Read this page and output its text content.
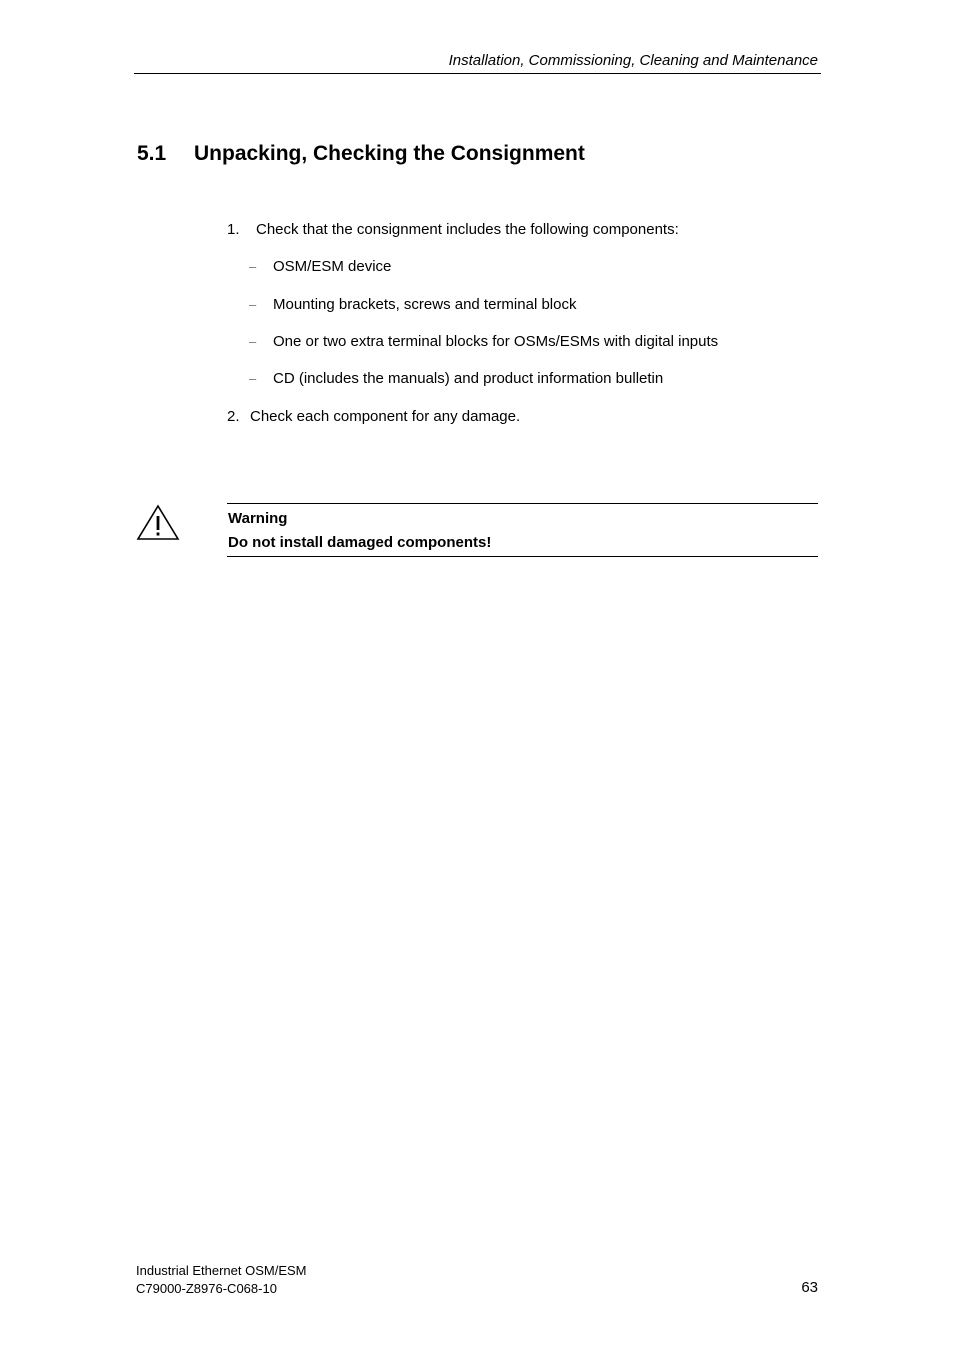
Installation, Commissioning, Cleaning and Maintenance
5.1 Unpacking, Checking the Consignment
1. Check that the consignment includes the following components:
– OSM/ESM device
– Mounting brackets, screws and terminal block
– One or two extra terminal blocks for OSMs/ESMs with digital inputs
– CD (includes the manuals) and product information bulletin
2. Check each component for any damage.
Warning
Do not install damaged components!
Industrial Ethernet OSM/ESM
C79000-Z8976-C068-10	63
